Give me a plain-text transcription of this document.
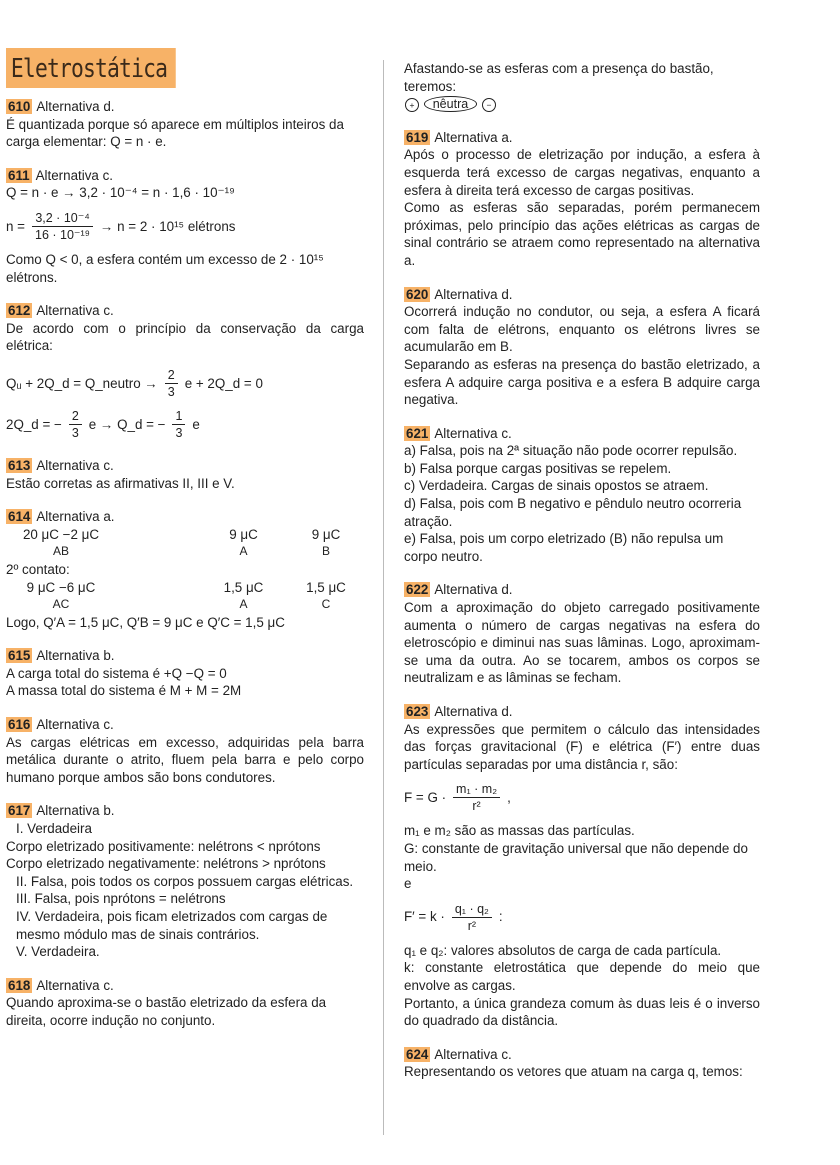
Eletrostática

610 Alternativa d.

É quantizada porque só aparece em múltiplos inteiros da carga elementar: Q = n · e.

611 Alternativa c.

Q = n · e → 3,2 · 10⁻⁴ = n · 1,6 · 10⁻¹⁹

$n = \frac{\text{3,2 · 10⁻⁴}}{\text{16 · 10⁻¹⁹}} \to n = 2 \cdot 10^{15}$ elétrons

Como Q < 0, a esfera contém um excesso de 2 · 10¹⁵ elétrons.

612 Alternativa c.

De acordo com o princípio da conservação da carga elétrica:

Qᵤ + 2Q_d = Q_neutro → $\frac{2}{3}$ e + 2Q_d = 0
2Q_d = − $\frac{2}{3}$ e → Q_d = − $\frac{1}{3}$ e

613 Alternativa c.

Estão corretas as afirmativas II, III e V.

614 Alternativa a.

20 μC −2 μC	9 μC	9 μC
AB	A	B

2º contato:

9 μC −6 μC	1,5 μC	1,5 μC
AC	A	C

Logo, Q′A = 1,5 μC, Q′B = 9 μC e Q′C = 1,5 μC

615 Alternativa b.

A carga total do sistema é +Q −Q = 0

A massa total do sistema é M + M = 2M

616 Alternativa c.

As cargas elétricas em excesso, adquiridas pela barra metálica durante o atrito, fluem pela barra e pelo corpo humano porque ambos são bons condutores.

617 Alternativa b.

I. Verdadeira

Corpo eletrizado positivamente: nelétrons < nprótons

Corpo eletrizado negativamente: nelétrons > nprótons

II. Falsa, pois todos os corpos possuem cargas elétricas.

III. Falsa, pois nprótons = nelétrons

IV. Verdadeira, pois ficam eletrizados com cargas de mesmo módulo mas de sinais contrários.

V. Verdadeira.

618 Alternativa c.

Quando aproxima-se o bastão eletrizado da esfera da direita, ocorre indução no conjunto.

Afastando-se as esferas com a presença do bastão, teremos:

+ nêutra −

619 Alternativa a.

Após o processo de eletrização por indução, a esfera à esquerda terá excesso de cargas negativas, enquanto a esfera à direita terá excesso de cargas positivas.

Como as esferas são separadas, porém permanecem próximas, pelo princípio das ações elétricas as cargas de sinal contrário se atraem como representado na alternativa a.

620 Alternativa d.

Ocorrerá indução no condutor, ou seja, a esfera A ficará com falta de elétrons, enquanto os elétrons livres se acumularão em B.

Separando as esferas na presença do bastão eletrizado, a esfera A adquire carga positiva e a esfera B adquire carga negativa.

621 Alternativa c.

a) Falsa, pois na 2ª situação não pode ocorrer repulsão.

b) Falsa porque cargas positivas se repelem.

c) Verdadeira. Cargas de sinais opostos se atraem.

d) Falsa, pois com B negativo e pêndulo neutro ocorreria atração.

e) Falsa, pois um corpo eletrizado (B) não repulsa um corpo neutro.

622 Alternativa d.

Com a aproximação do objeto carregado positivamente aumenta o número de cargas negativas na esfera do eletroscópio e diminui nas suas lâminas. Logo, aproximam-se uma da outra. Ao se tocarem, ambos os corpos se neutralizam e as lâminas se fecham.

623 Alternativa d.

As expressões que permitem o cálculo das intensidades das forças gravitacional (F) e elétrica (F′) entre duas partículas separadas por uma distância r, são:

$F = G \cdot \frac{\text{m₁ · m₂}}{\text{r²}}$ ,

m₁ e m₂ são as massas das partículas.

G: constante de gravitação universal que não depende do meio.

e

$F' = k \cdot \frac{\text{q₁ · q₂}}{\text{r²}}$ :

q₁ e q₂: valores absolutos de carga de cada partícula.

k: constante eletrostática que depende do meio que envolve as cargas.

Portanto, a única grandeza comum às duas leis é o inverso do quadrado da distância.

624 Alternativa c.

Representando os vetores que atuam na carga q, temos:
